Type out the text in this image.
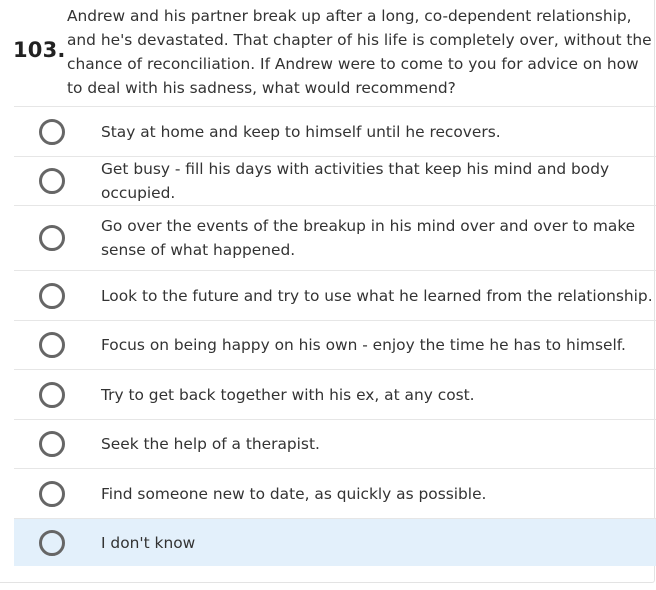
103.
Andrew and his partner break up after a long, co-dependent relationship, and he's devastated. That chapter of his life is completely over, without the chance of reconciliation. If Andrew were to come to you for advice on how to deal with his sadness, what would recommend?
Stay at home and keep to himself until he recovers.
Get busy - fill his days with activities that keep his mind and body occupied.
Go over the events of the breakup in his mind over and over to make sense of what happened.
Look to the future and try to use what he learned from the relationship.
Focus on being happy on his own - enjoy the time he has to himself.
Try to get back together with his ex, at any cost.
Seek the help of a therapist.
Find someone new to date, as quickly as possible.
I don't know
